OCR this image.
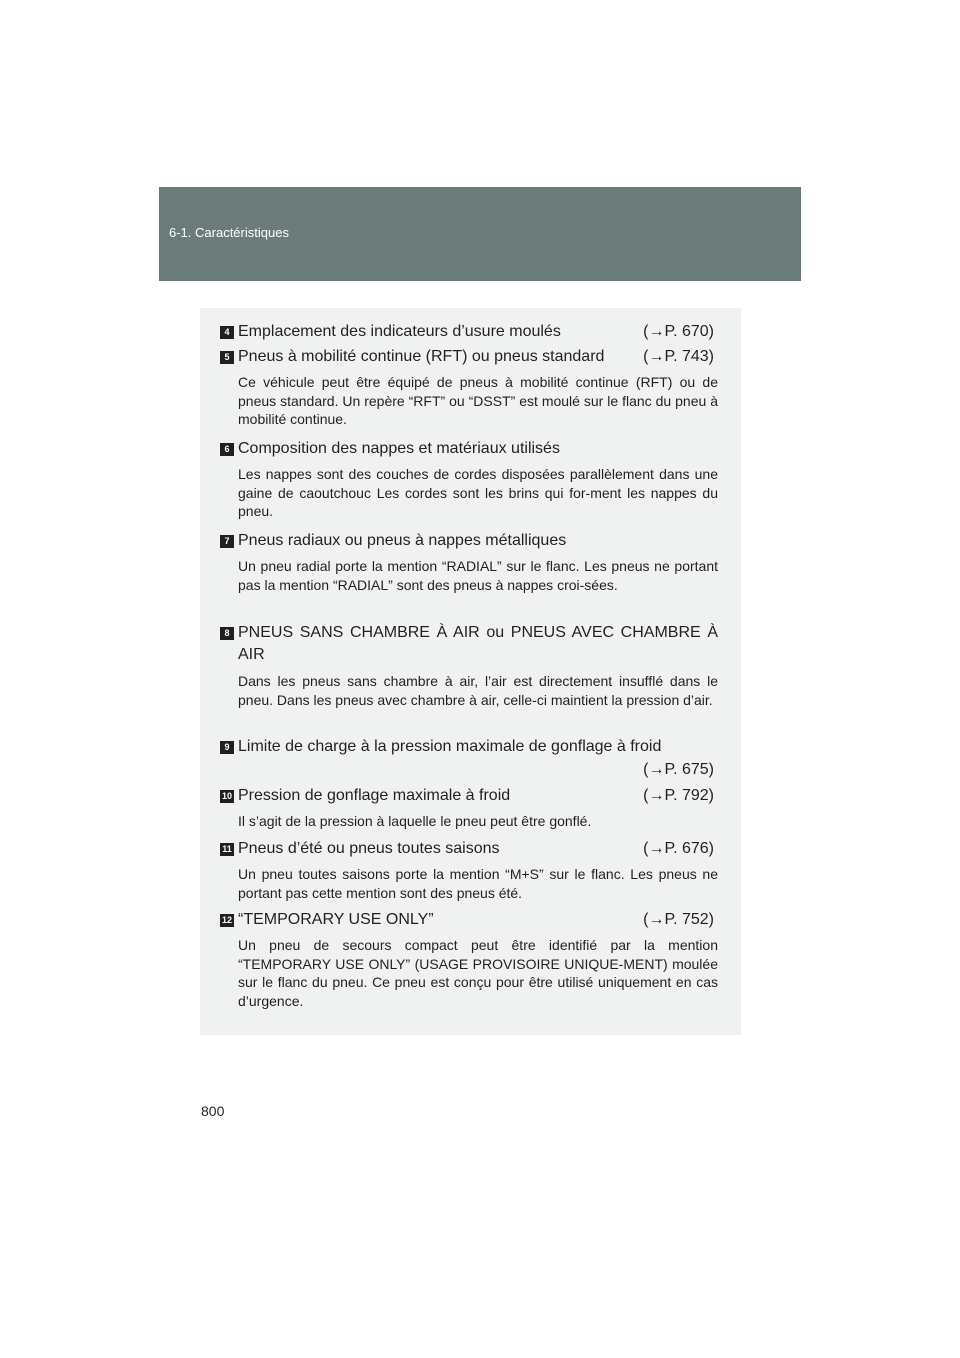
6-1. Caractéristiques
4 Emplacement des indicateurs d’usure moulés	(→P. 670)
5 Pneus à mobilité continue (RFT) ou pneus standard (→P. 743)
Ce véhicule peut être équipé de pneus à mobilité continue (RFT) ou de pneus standard. Un repère “RFT” ou “DSST” est moulé sur le flanc du pneu à mobilité continue.
6 Composition des nappes et matériaux utilisés
Les nappes sont des couches de cordes disposées parallèlement dans une gaine de caoutchouc Les cordes sont les brins qui for-ment les nappes du pneu.
7 Pneus radiaux ou pneus à nappes métalliques
Un pneu radial porte la mention “RADIAL” sur le flanc. Les pneus ne portant pas la mention “RADIAL” sont des pneus à nappes croi-sées.
8 PNEUS SANS CHAMBRE À AIR ou PNEUS AVEC CHAMBRE À AIR
Dans les pneus sans chambre à air, l’air est directement insufflé dans le pneu. Dans les pneus avec chambre à air, celle-ci maintient la pression d’air.
9 Limite de charge à la pression maximale de gonflage à froid
(→P. 675)
10 Pression de gonflage maximale à froid	(→P. 792)
Il s’agit de la pression à laquelle le pneu peut être gonflé.
11 Pneus d’été ou pneus toutes saisons	(→P. 676)
Un pneu toutes saisons porte la mention “M+S” sur le flanc. Les pneus ne portant pas cette mention sont des pneus été.
12 “TEMPORARY USE ONLY”	(→P. 752)
Un pneu de secours compact peut être identifié par la mention “TEMPORARY USE ONLY” (USAGE PROVISOIRE UNIQUE-MENT) moulée sur le flanc du pneu. Ce pneu est conçu pour être utilisé uniquement en cas d’urgence.
800
